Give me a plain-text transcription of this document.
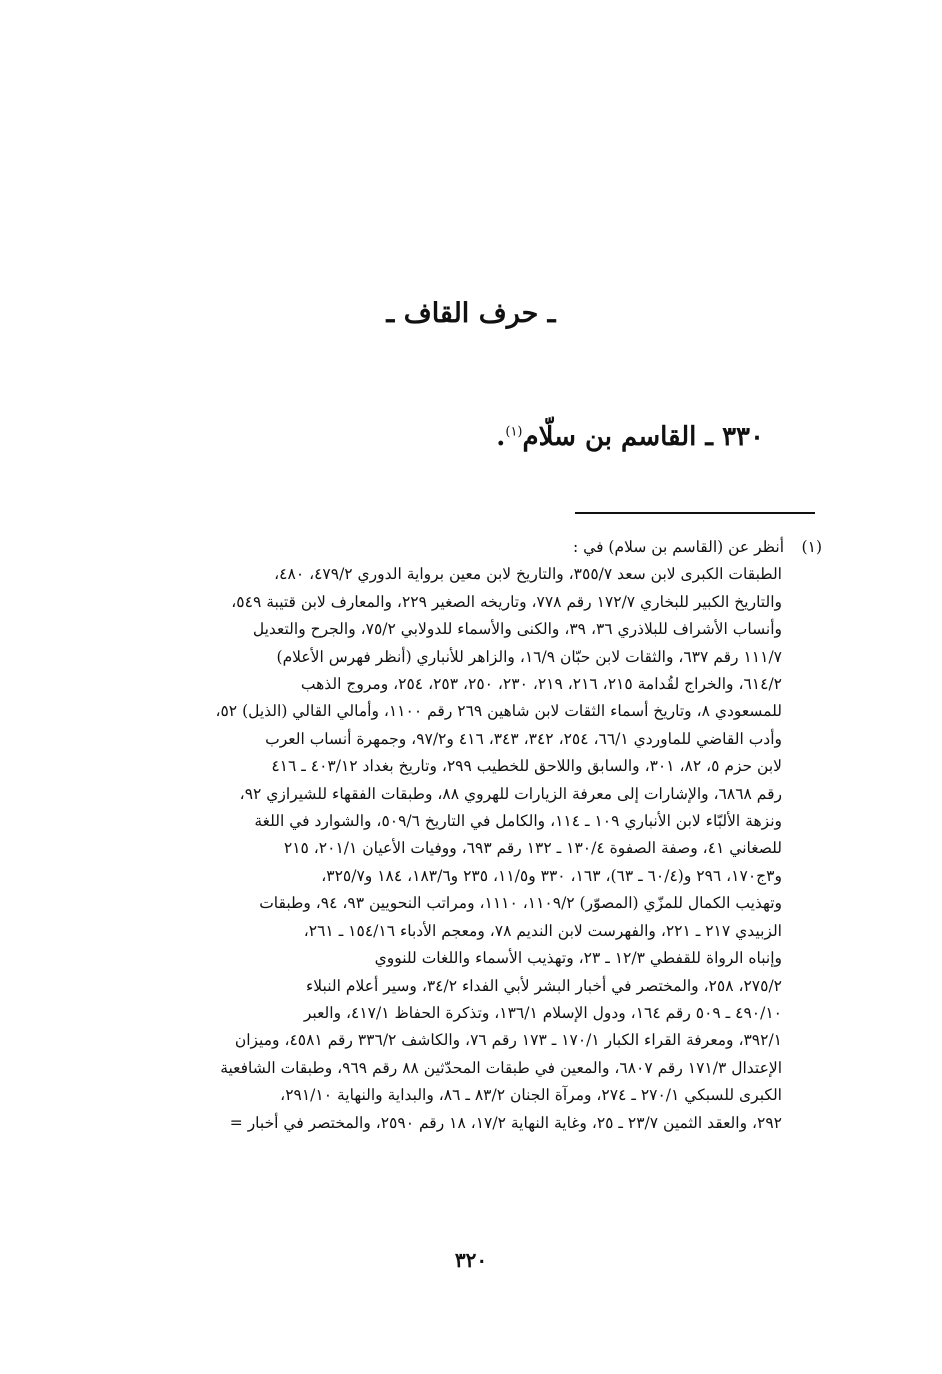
ـ حرف القاف ـ
٣٣٠ ـ القاسم بن سلّام$^{(١)}$.
(١)أنظر عن (القاسم بن سلام) في :
الطبقات الكبرى لابن سعد ٣٥٥/٧، والتاريخ لابن معين برواية الدوري ٤٧٩/٢، ٤٨٠،
والتاريخ الكبير للبخاري ١٧٢/٧ رقم ٧٧٨، وتاريخه الصغير ٢٢٩، والمعارف لابن قتيبة ٥٤٩،
وأنساب الأشراف للبلاذري ٣٦، ٣٩، والكنى والأسماء للدولابي ٧٥/٢، والجرح والتعديل
١١١/٧ رقم ٦٣٧، والثقات لابن حبّان ١٦/٩، والزاهر للأنباري (أنظر فهرس الأعلام)
٦١٤/٢، والخراج لقُدامة ٢١٥، ٢١٦، ٢١٩، ٢٣٠، ٢٥٠، ٢٥٣، ٢٥٤، ومروج الذهب
للمسعودي ٨، وتاريخ أسماء الثقات لابن شاهين ٢٦٩ رقم ١١٠٠، وأمالي القالي (الذيل) ٥٢،
وأدب القاضي للماوردي ٦٦/١، ٢٥٤، ٣٤٢، ٣٤٣، ٤١٦ و٩٧/٢، وجمهرة أنساب العرب
لابن حزم ٥، ٨٢، ٣٠١، والسابق واللاحق للخطيب ٢٩٩، وتاريخ بغداد ٤٠٣/١٢ ـ ٤١٦
رقم ٦٨٦٨، والإشارات إلى معرفة الزيارات للهروي ٨٨، وطبقات الفقهاء للشيرازي ٩٢،
ونزهة الألبّاء لابن الأنباري ١٠٩ ـ ١١٤، والكامل في التاريخ ٥٠٩/٦، والشوارد في اللغة
للصغاني ٤١، وصفة الصفوة ١٣٠/٤ ـ ١٣٢ رقم ٦٩٣، ووفيات الأعيان ٢٠١/١، ٢١٥
و٣ج١٧٠، ٢٩٦ و(٦٠/٤ ـ ٦٣)، ١٦٣، ٣٣٠ و١١/٥، ٢٣٥ و١٨٣/٦، ١٨٤ و٣٢٥/٧،
وتهذيب الكمال للمزّي (المصوّر) ١١٠٩/٢، ١١١٠، ومراتب النحويين ٩٣، ٩٤، وطبقات
الزبيدي ٢١٧ ـ ٢٢١، والفهرست لابن النديم ٧٨، ومعجم الأدباء ١٥٤/١٦ ـ ٢٦١،
وإنباه الرواة للقفطي ١٢/٣ ـ ٢٣، وتهذيب الأسماء واللغات للنووي
٢٧٥/٢، ٢٥٨، والمختصر في أخبار البشر لأبي الفداء ٣٤/٢، وسير أعلام النبلاء
٤٩٠/١٠ ـ ٥٠٩ رقم ١٦٤، ودول الإسلام ١٣٦/١، وتذكرة الحفاظ ٤١٧/١، والعبر
٣٩٢/١، ومعرفة القراء الكبار ١٧٠/١ ـ ١٧٣ رقم ٧٦، والكاشف ٣٣٦/٢ رقم ٤٥٨١، وميزان
الإعتدال ١٧١/٣ رقم ٦٨٠٧، والمعين في طبقات المحدّثين ٨٨ رقم ٩٦٩، وطبقات الشافعية
الكبرى للسبكي ٢٧٠/١ ـ ٢٧٤، ومرآة الجنان ٨٣/٢ ـ ٨٦، والبداية والنهاية ٢٩١/١٠،
٢٩٢، والعقد الثمين ٢٣/٧ ـ ٢٥، وغاية النهاية ١٧/٢، ١٨ رقم ٢٥٩٠، والمختصر في أخبار =
٣٢٠
